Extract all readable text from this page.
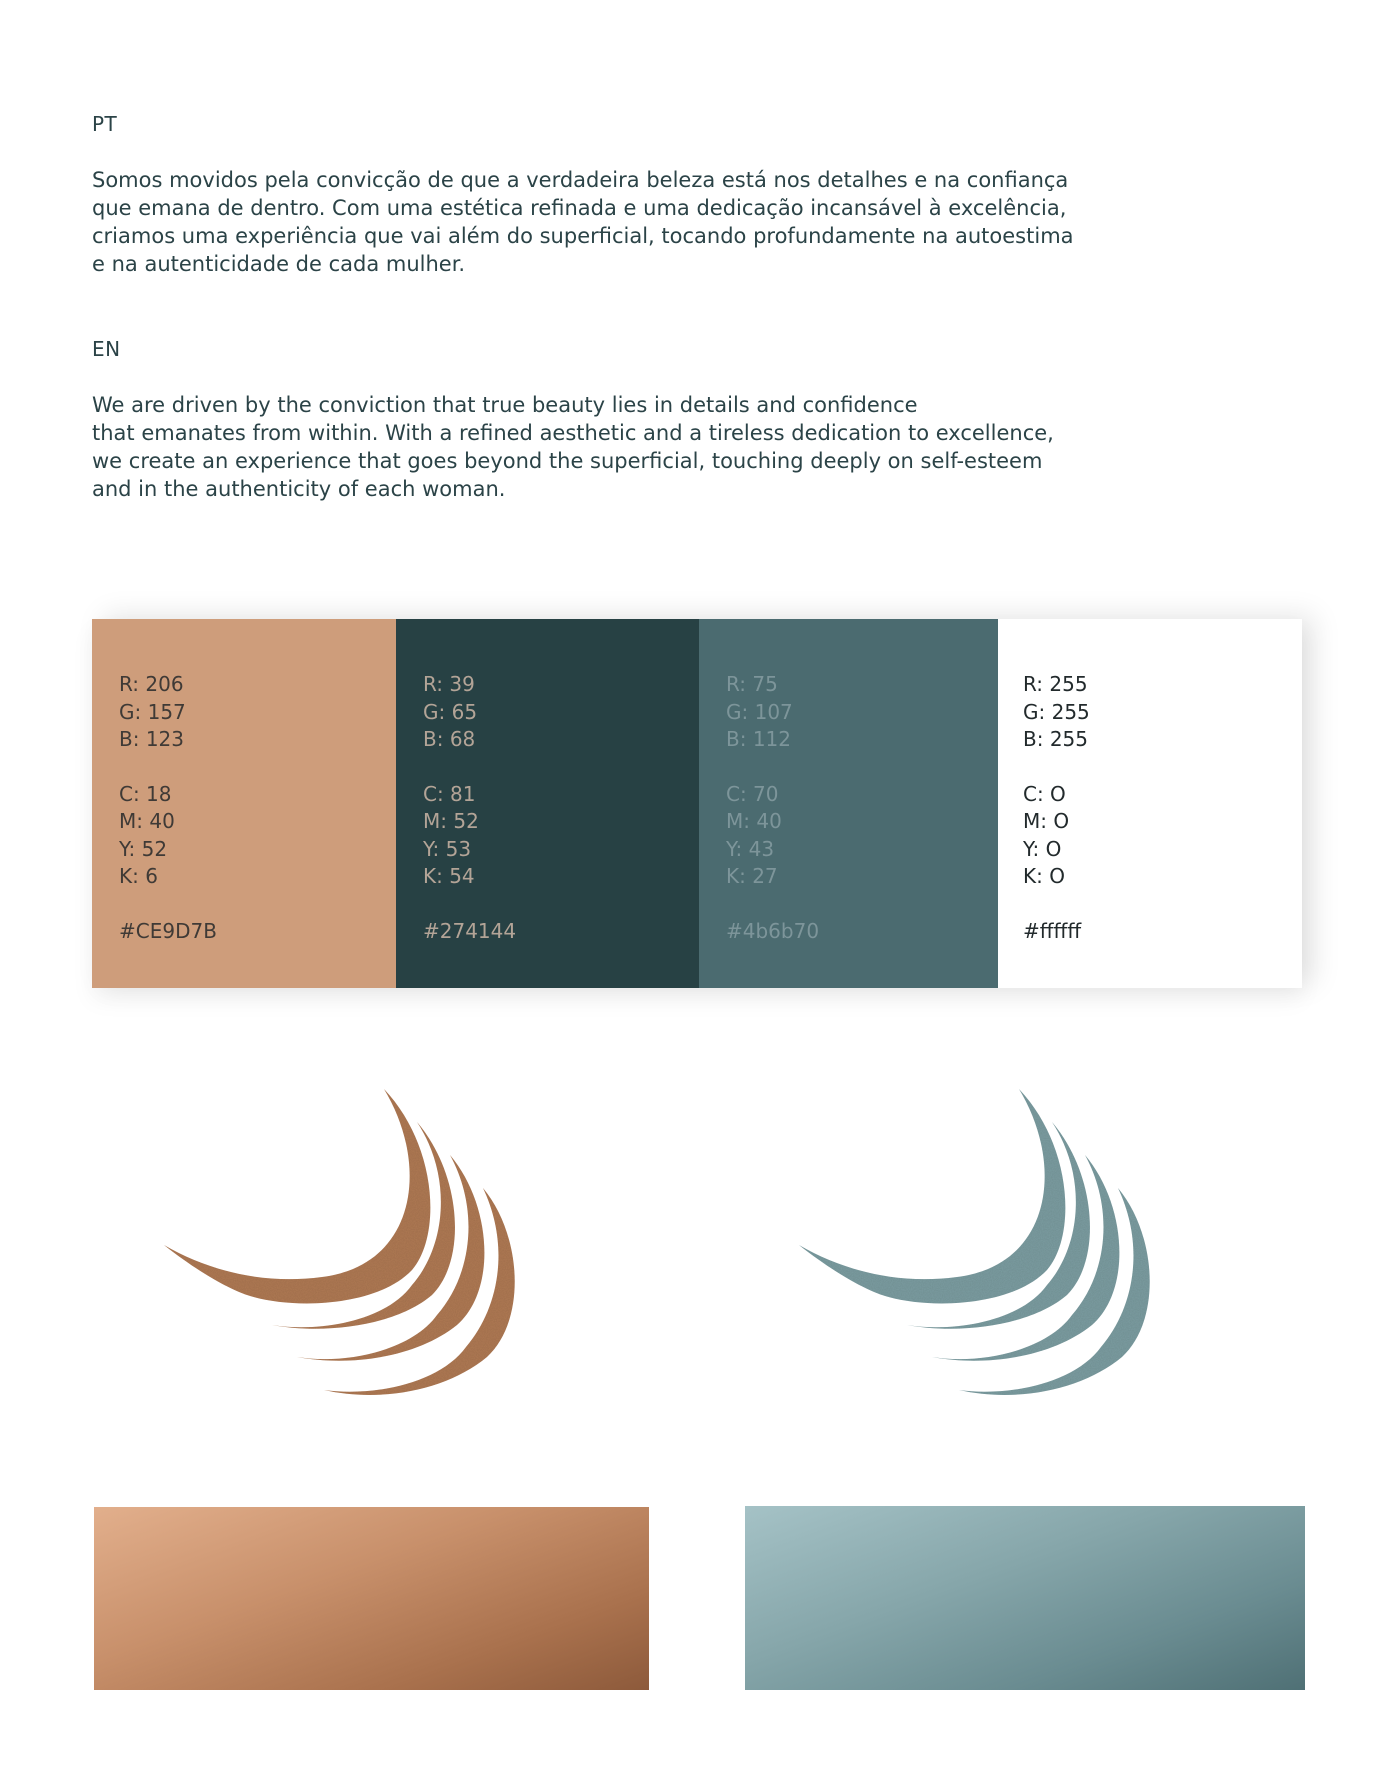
PT

Somos movidos pela convicção de que a verdadeira beleza está nos detalhes e na confiança
que emana de dentro. Com uma estética refinada e uma dedicação incansável à excelência,
criamos uma experiência que vai além do superficial, tocando profundamente na autoestima
e na autenticidade de cada mulher.

EN

We are driven by the conviction that true beauty lies in details and confidence
that emanates from within. With a refined aesthetic and a tireless dedication to excellence,
we create an experience that goes beyond the superficial, touching deeply on self-esteem
and in the authenticity of each woman.

R: 206
G: 157
B: 123
C: 18
M: 40
Y: 52
K: 6
#CE9D7B
R: 39
G: 65
B: 68
C: 81
M: 52
Y: 53
K: 54
#274144
R: 75
G: 107
B: 112
C: 70
M: 40
Y: 43
K: 27
#4b6b70
R: 255
G: 255
B: 255
C: O
M: O
Y: O
K: O
#ffffff
